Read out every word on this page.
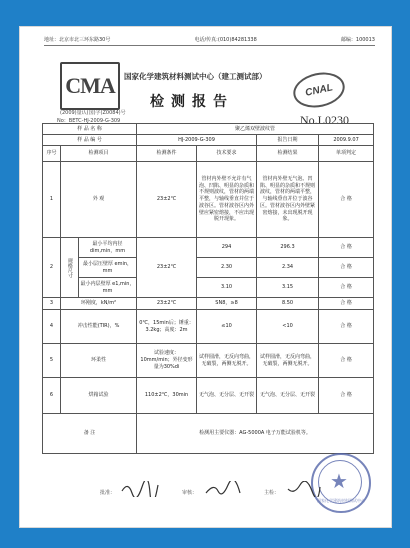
地址：北京市北三环东路30号	电话/传真:(010)84281338	邮编：100013
CMA	国家化学建筑材料测试中心（建工测试部）
检测报告
CNAL
(2009)量认(国)字(Z0084)号
No：BETC-HJ-2009-G-309	No.L0230
样 品 名 称			聚乙烯双壁波纹管			
样 品 编 号			HJ-2009-G-309		报告日期	2009.9.07
序号	检测项目		检测条件	技术要求	检测结果	单项判定
1	外 观		23±2℃	管材内外壁不允许有气泡、凹陷、明显的杂质和不规则波纹，管材的两端平整，与轴线垂直并位于波谷区。管材波谷区内外壁应紧密熔接，不应出现脱开现象。	管材内外壁无气泡、凹陷、明显的杂质和不规则波纹，管材的两端平整，与轴线垂直并位于波谷区。管材波谷区内外壁紧密熔接，未出现脱开现象。	合 格
2	规格尺寸	最小平均内径 dim,min，mm	23±2℃	294	296.3	合 格
		最小层压壁厚 emin，mm		2.30	2.34	合 格
		最小内层壁厚 e1,min，mm		3.10	3.15	合 格
3	环刚度，kN/m²		23±2℃	SN8，≥8	8.50	合 格
4	冲击性能(TIR)，%		0℃，15min后；锤重：3.2kg；高度：2m	≤10	<10	合 格
5	环柔性		试验速度：10mm/min；外径变形量为30%di	试样圆滑，无反向弯曲，无破裂，两侧无脱开。	试样圆滑，无反向弯曲，无破裂，两侧无脱开。	合 格
6	烘箱试验		110±2℃，30min	无气泡、无分层、无开裂	无气泡、无分层、无开裂	合 格
备 注			检测用主要仪器：AG-5000A 电子万能试验机等。			
★
国家化学建筑材料测试中心
批准：	审核：	主检：
